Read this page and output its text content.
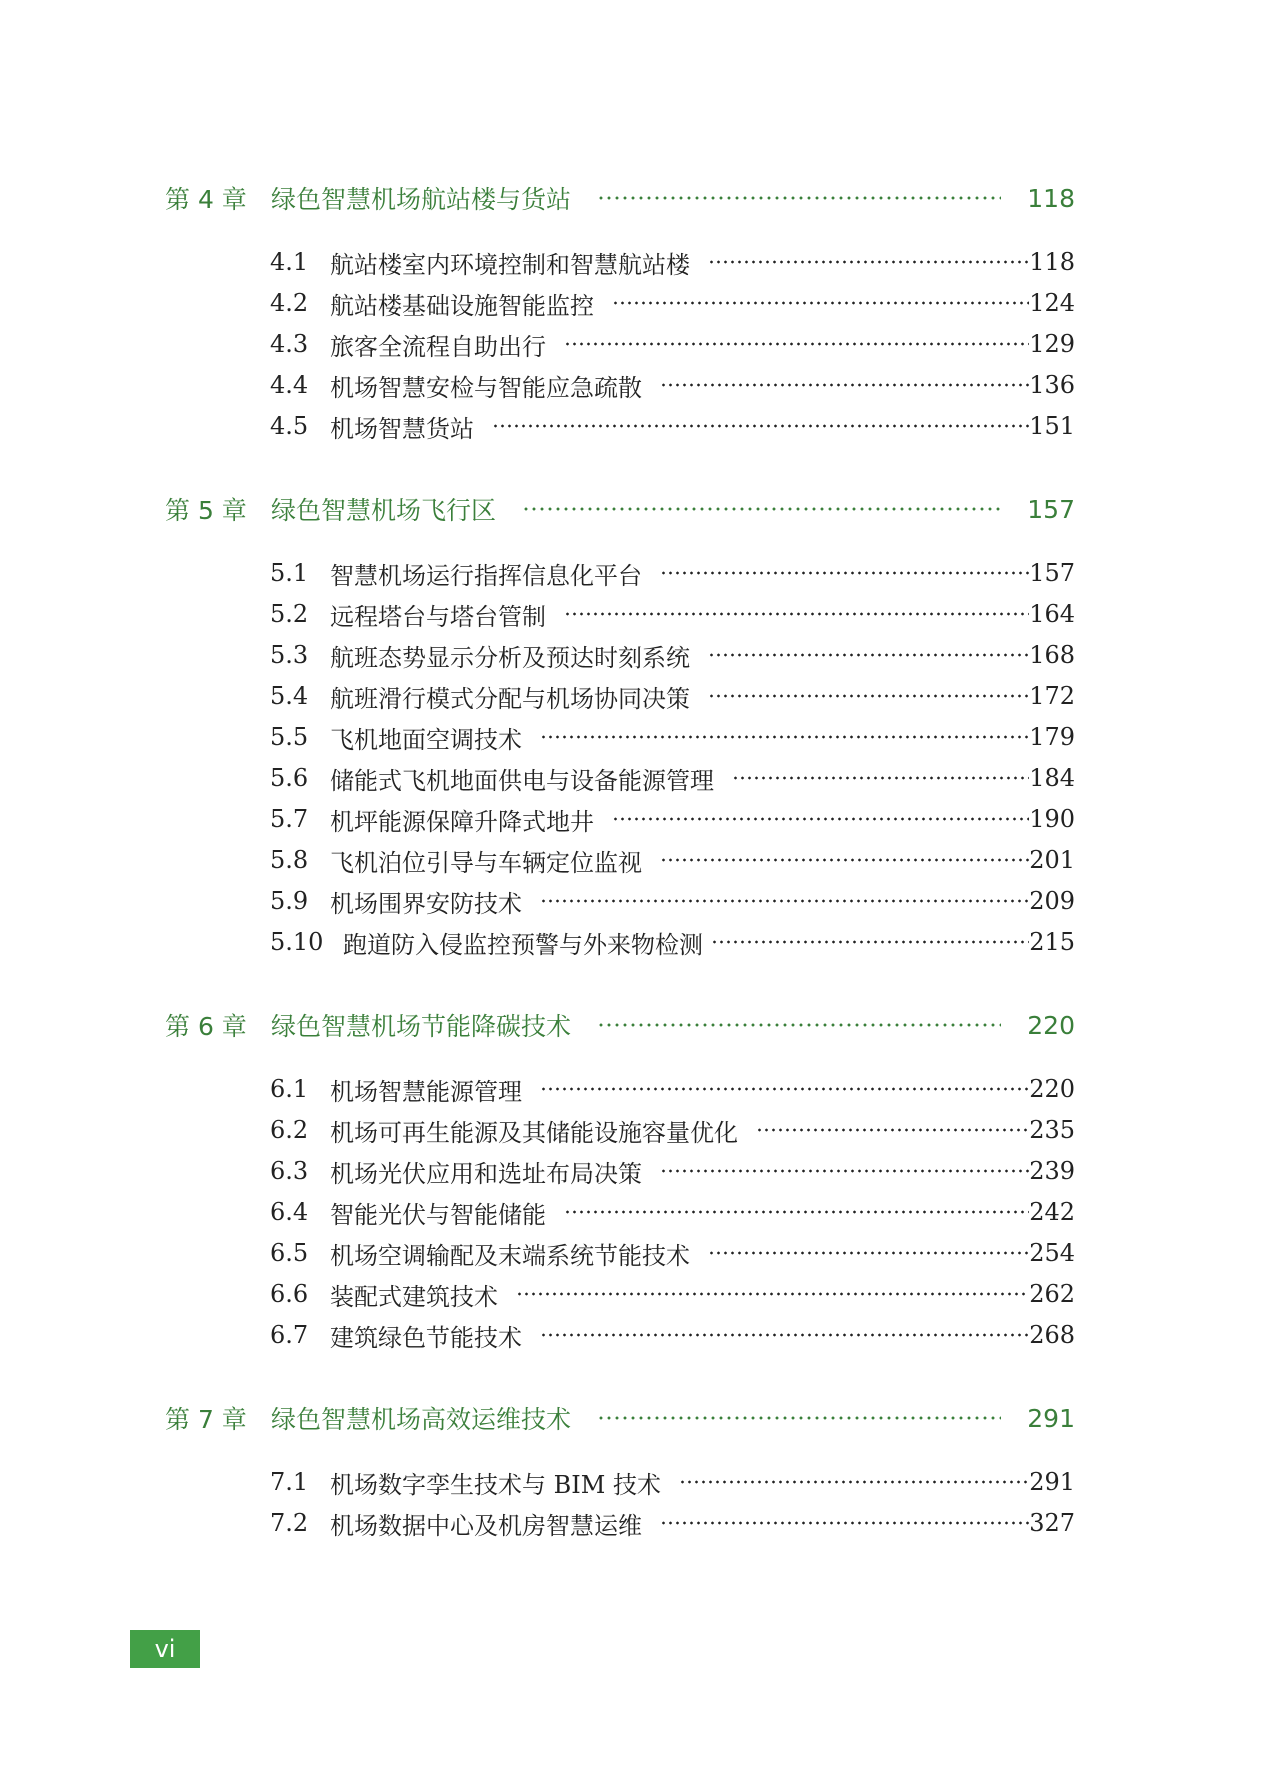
第 4 章 绿色智慧机场航站楼与货站	118
4.1 航站楼室内环境控制和智慧航站楼	118
4.2 航站楼基础设施智能监控	124
4.3 旅客全流程自助出行	129
4.4 机场智慧安检与智能应急疏散	136
4.5 机场智慧货站	151
第 5 章 绿色智慧机场飞行区	157
5.1 智慧机场运行指挥信息化平台	157
5.2 远程塔台与塔台管制	164
5.3 航班态势显示分析及预达时刻系统	168
5.4 航班滑行模式分配与机场协同决策	172
5.5 飞机地面空调技术	179
5.6 储能式飞机地面供电与设备能源管理	184
5.7 机坪能源保障升降式地井	190
5.8 飞机泊位引导与车辆定位监视	201
5.9 机场围界安防技术	209
5.10 跑道防入侵监控预警与外来物检测	215
第 6 章 绿色智慧机场节能降碳技术	220
6.1 机场智慧能源管理	220
6.2 机场可再生能源及其储能设施容量优化	235
6.3 机场光伏应用和选址布局决策	239
6.4 智能光伏与智能储能	242
6.5 机场空调输配及末端系统节能技术	254
6.6 装配式建筑技术	262
6.7 建筑绿色节能技术	268
第 7 章 绿色智慧机场高效运维技术	291
7.1 机场数字孪生技术与 BIM 技术	291
7.2 机场数据中心及机房智慧运维	327
vi
